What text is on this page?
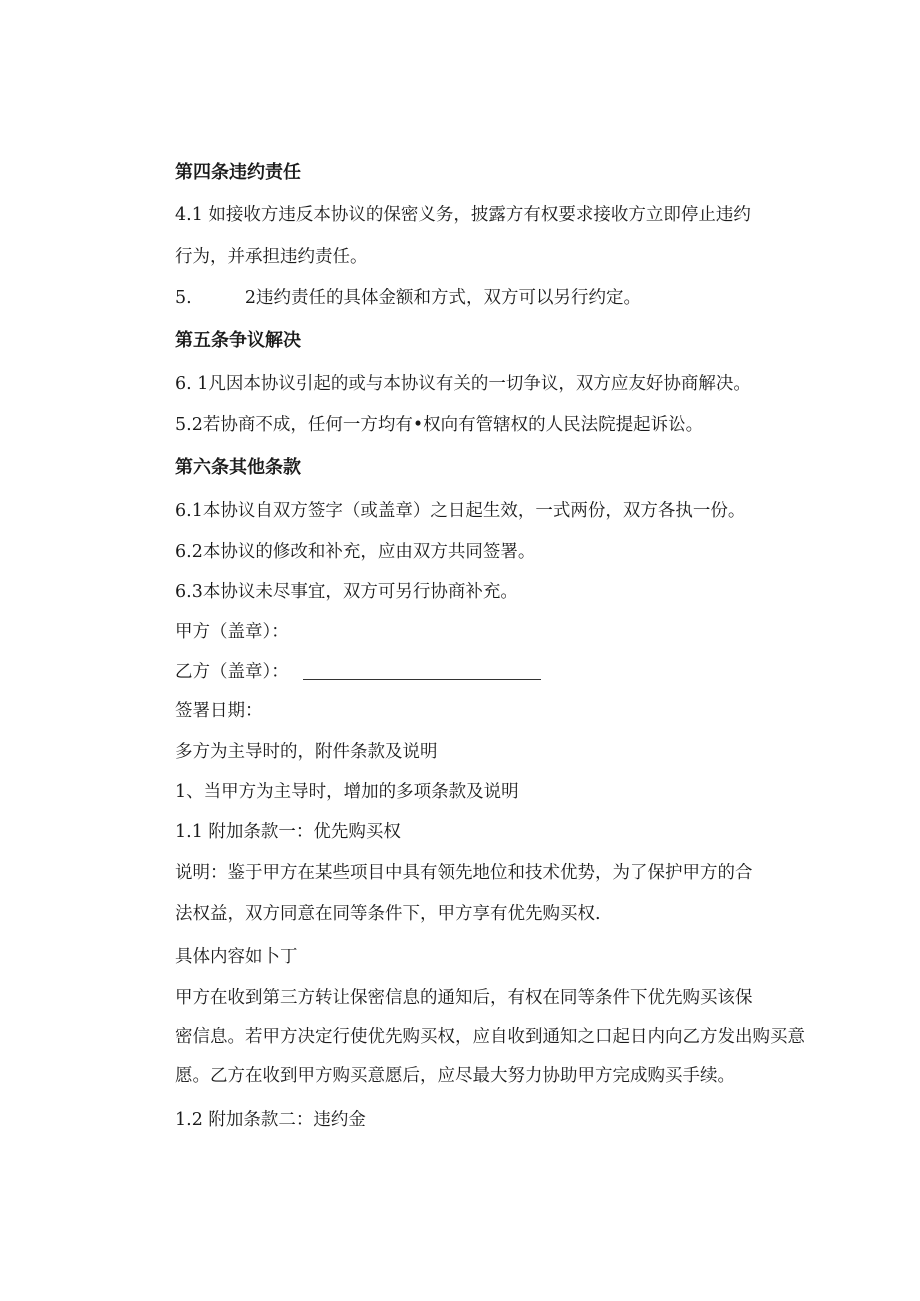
第四条违约责任
4.1 如接收方违反本协议的保密义务，披露方有权要求接收方立即停止违约
行为，并承担违约责任。
5.	2违约责任的具体金额和方式，双方可以另行约定。
第五条争议解决
6. 1凡因本协议引起的或与本协议有关的一切争议，双方应友好协商解决。
5.2若协商不成，任何一方均有•权向有管辖权的人民法院提起诉讼。
第六条其他条款
6.1本协议自双方签字（或盖章）之日起生效，一式两份，双方各执一份。
6.2本协议的修改和补充，应由双方共同签署。
6.3本协议未尽事宜，双方可另行协商补充。
甲方（盖章）：
乙方（盖章）：
签署日期：
多方为主导时的，附件条款及说明
1、当甲方为主导时，增加的多项条款及说明
1.1 附加条款一：优先购买权
说明：鉴于甲方在某些项目中具有领先地位和技术优势，为了保护甲方的合
法权益，双方同意在同等条件下，甲方享有优先购买权.
具体内容如卜丁
甲方在收到第三方转让保密信息的通知后，有权在同等条件下优先购买该保
密信息。若甲方决定行使优先购买权，应自收到通知之口起日内向乙方发出购买意
愿。乙方在收到甲方购买意愿后，应尽最大努力协助甲方完成购买手续。
1.2 附加条款二：违约金
